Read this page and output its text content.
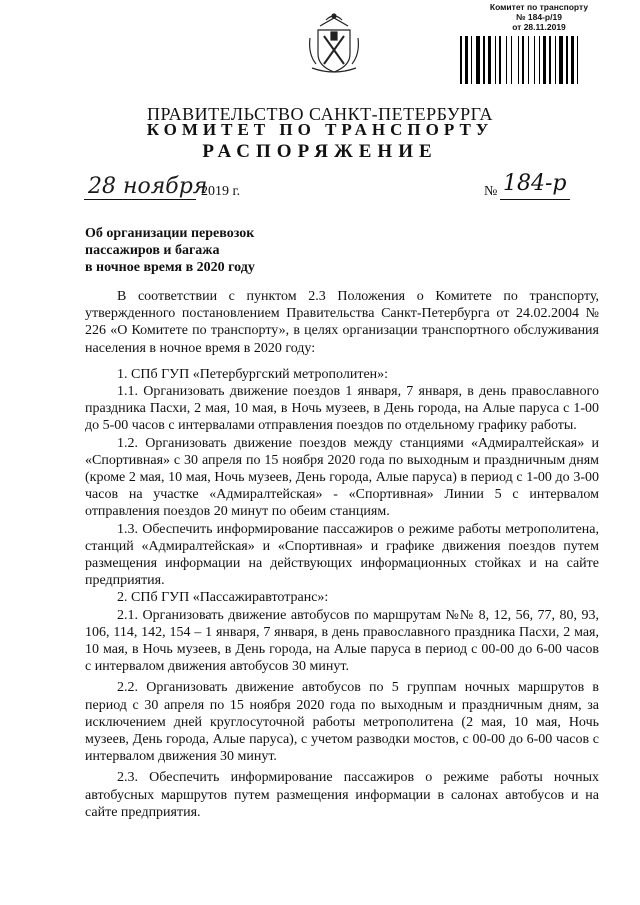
Комитет по транспорту
№ 184-р/19
от 28.11.2019
ПРАВИТЕЛЬСТВО САНКТ-ПЕТЕРБУРГА
КОМИТЕТ ПО ТРАНСПОРТУ
РАСПОРЯЖЕНИЕ
28 ноября
2019 г.	№ 184-р
Об организации перевозок
пассажиров и багажа
в ночное время в 2020 году

В соответствии с пунктом 2.3 Положения о Комитете по транспорту, утвержденного постановлением Правительства Санкт-Петербурга от 24.02.2004 № 226 «О Комитете по транспорту», в целях организации транспортного обслуживания населения в ночное время в 2020 году:

1. СПб ГУП «Петербургский метрополитен»:

1.1. Организовать движение поездов 1 января, 7 января, в день православного праздника Пасхи, 2 мая, 10 мая, в Ночь музеев, в День города, на Алые паруса с 1-00 до 5-00 часов с интервалами отправления поездов по отдельному графику работы.

1.2. Организовать движение поездов между станциями «Адмиралтейская» и «Спортивная» с 30 апреля по 15 ноября 2020 года по выходным и праздничным дням (кроме 2 мая, 10 мая, Ночь музеев, День города, Алые паруса) в период с 1-00 до 3-00 часов на участке «Адмиралтейская» - «Спортивная» Линии 5 с интервалом отправления поездов 20 минут по обеим станциям.

1.3. Обеспечить информирование пассажиров о режиме работы метрополитена, станций «Адмиралтейская» и «Спортивная» и графике движения поездов путем размещения информации на действующих информационных стойках и на сайте предприятия.

2. СПб ГУП «Пассажиравтотранс»:

2.1. Организовать движение автобусов по маршрутам №№ 8, 12, 56, 77, 80, 93, 106, 114, 142, 154 – 1 января, 7 января, в день православного праздника Пасхи, 2 мая, 10 мая, в Ночь музеев, в День города, на Алые паруса в период с 00-00 до 6-00 часов с интервалом движения автобусов 30 минут.

2.2. Организовать движение автобусов по 5 группам ночных маршрутов в период с 30 апреля по 15 ноября 2020 года по выходным и праздничным дням, за исключением дней круглосуточной работы метрополитена (2 мая, 10 мая, Ночь музеев, День города, Алые паруса), с учетом разводки мостов, с 00-00 до 6-00 часов с интервалом движения 30 минут.

2.3. Обеспечить информирование пассажиров о режиме работы ночных автобусных маршрутов путем размещения информации в салонах автобусов и на сайте предприятия.
